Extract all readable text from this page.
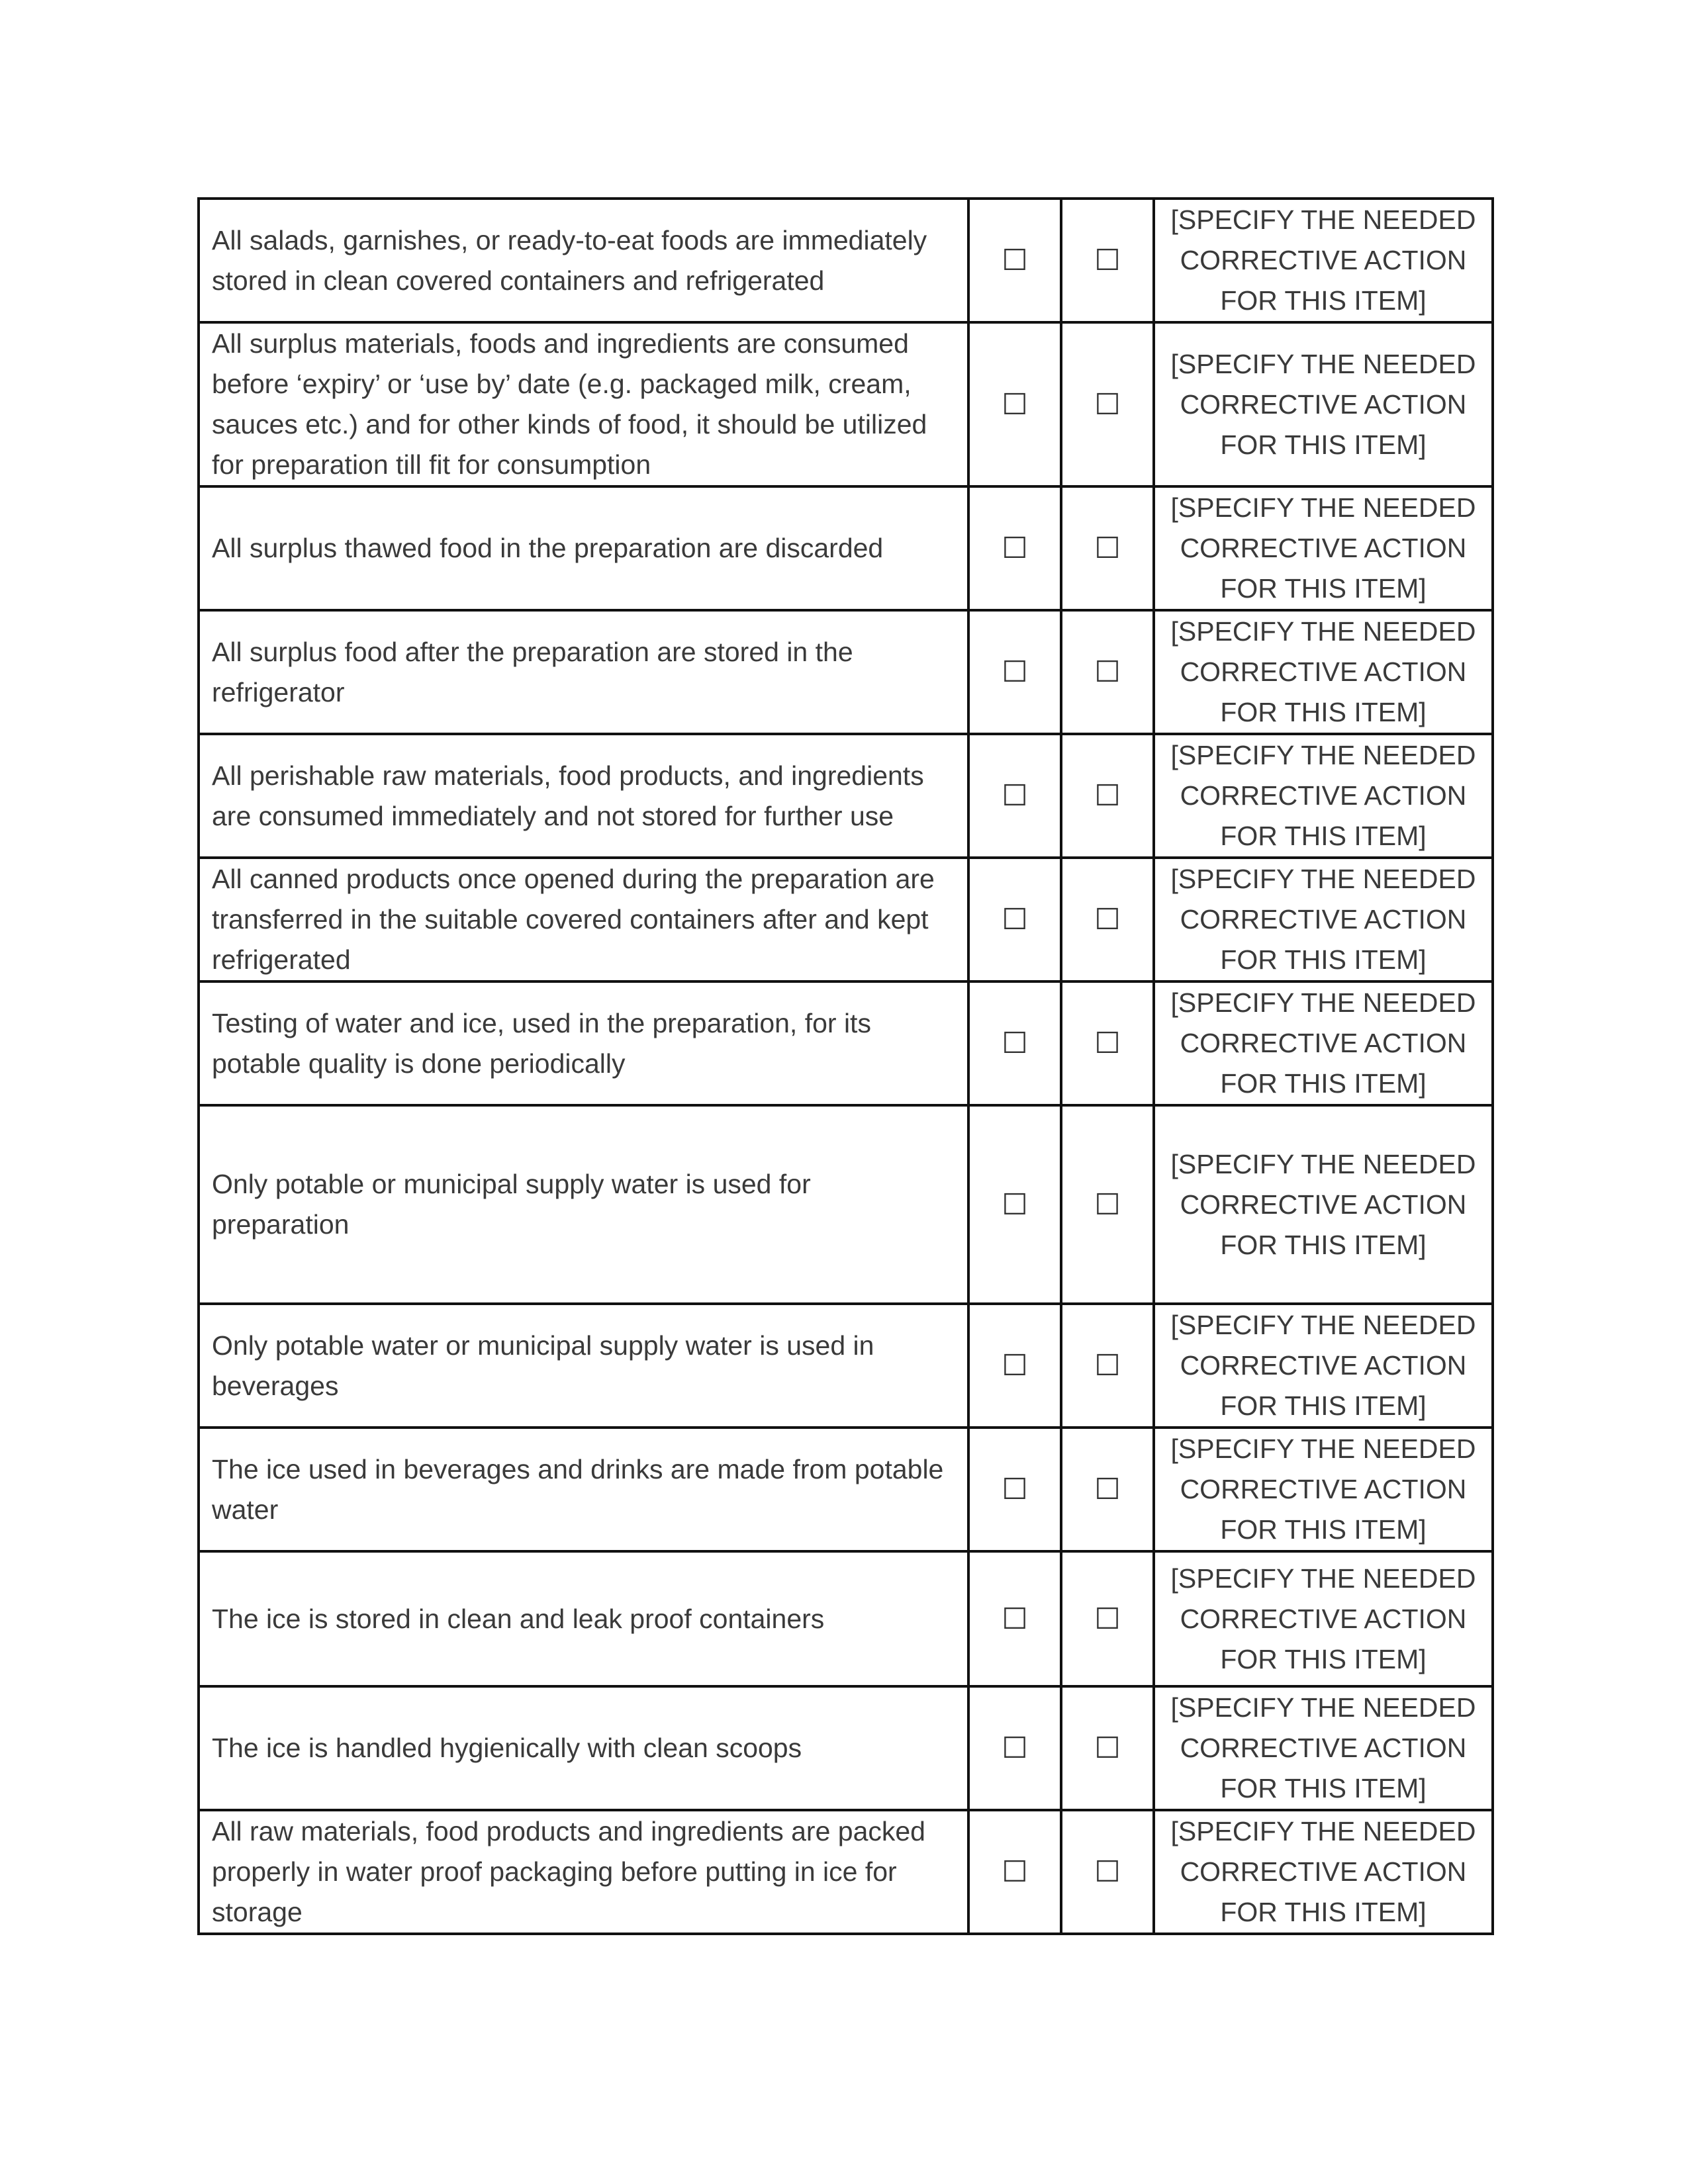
All salads, garnishes, or ready-to-eat foods are immediately stored in clean covered containers and refrigerated	☐	☐	[SPECIFY THE NEEDED CORRECTIVE ACTION FOR THIS ITEM]
All surplus materials, foods and ingredients are consumed before ‘expiry’ or ‘use by’ date (e.g. packaged milk, cream, sauces etc.) and for other kinds of food, it should be utilized for preparation till fit for consumption	☐	☐	[SPECIFY THE NEEDED CORRECTIVE ACTION FOR THIS ITEM]
All surplus thawed food in the preparation are discarded	☐	☐	[SPECIFY THE NEEDED CORRECTIVE ACTION FOR THIS ITEM]
All surplus food after the preparation are stored in the refrigerator	☐	☐	[SPECIFY THE NEEDED CORRECTIVE ACTION FOR THIS ITEM]
All perishable raw materials, food products, and ingredients are consumed immediately and not stored for further use	☐	☐	[SPECIFY THE NEEDED CORRECTIVE ACTION FOR THIS ITEM]
All canned products once opened during the preparation are transferred in the suitable covered containers after and kept refrigerated	☐	☐	[SPECIFY THE NEEDED CORRECTIVE ACTION FOR THIS ITEM]
Testing of water and ice, used in the preparation, for its potable quality is done periodically	☐	☐	[SPECIFY THE NEEDED CORRECTIVE ACTION FOR THIS ITEM]
Only potable or municipal supply water is used for preparation	☐	☐	[SPECIFY THE NEEDED CORRECTIVE ACTION FOR THIS ITEM]
Only potable water or municipal supply water is used in beverages	☐	☐	[SPECIFY THE NEEDED CORRECTIVE ACTION FOR THIS ITEM]
The ice used in beverages and drinks are made from potable water	☐	☐	[SPECIFY THE NEEDED CORRECTIVE ACTION FOR THIS ITEM]
The ice is stored in clean and leak proof containers	☐	☐	[SPECIFY THE NEEDED CORRECTIVE ACTION FOR THIS ITEM]
The ice is handled hygienically with clean scoops	☐	☐	[SPECIFY THE NEEDED CORRECTIVE ACTION FOR THIS ITEM]
All raw materials, food products and ingredients are packed properly in water proof packaging before putting in ice for storage	☐	☐	[SPECIFY THE NEEDED CORRECTIVE ACTION FOR THIS ITEM]
